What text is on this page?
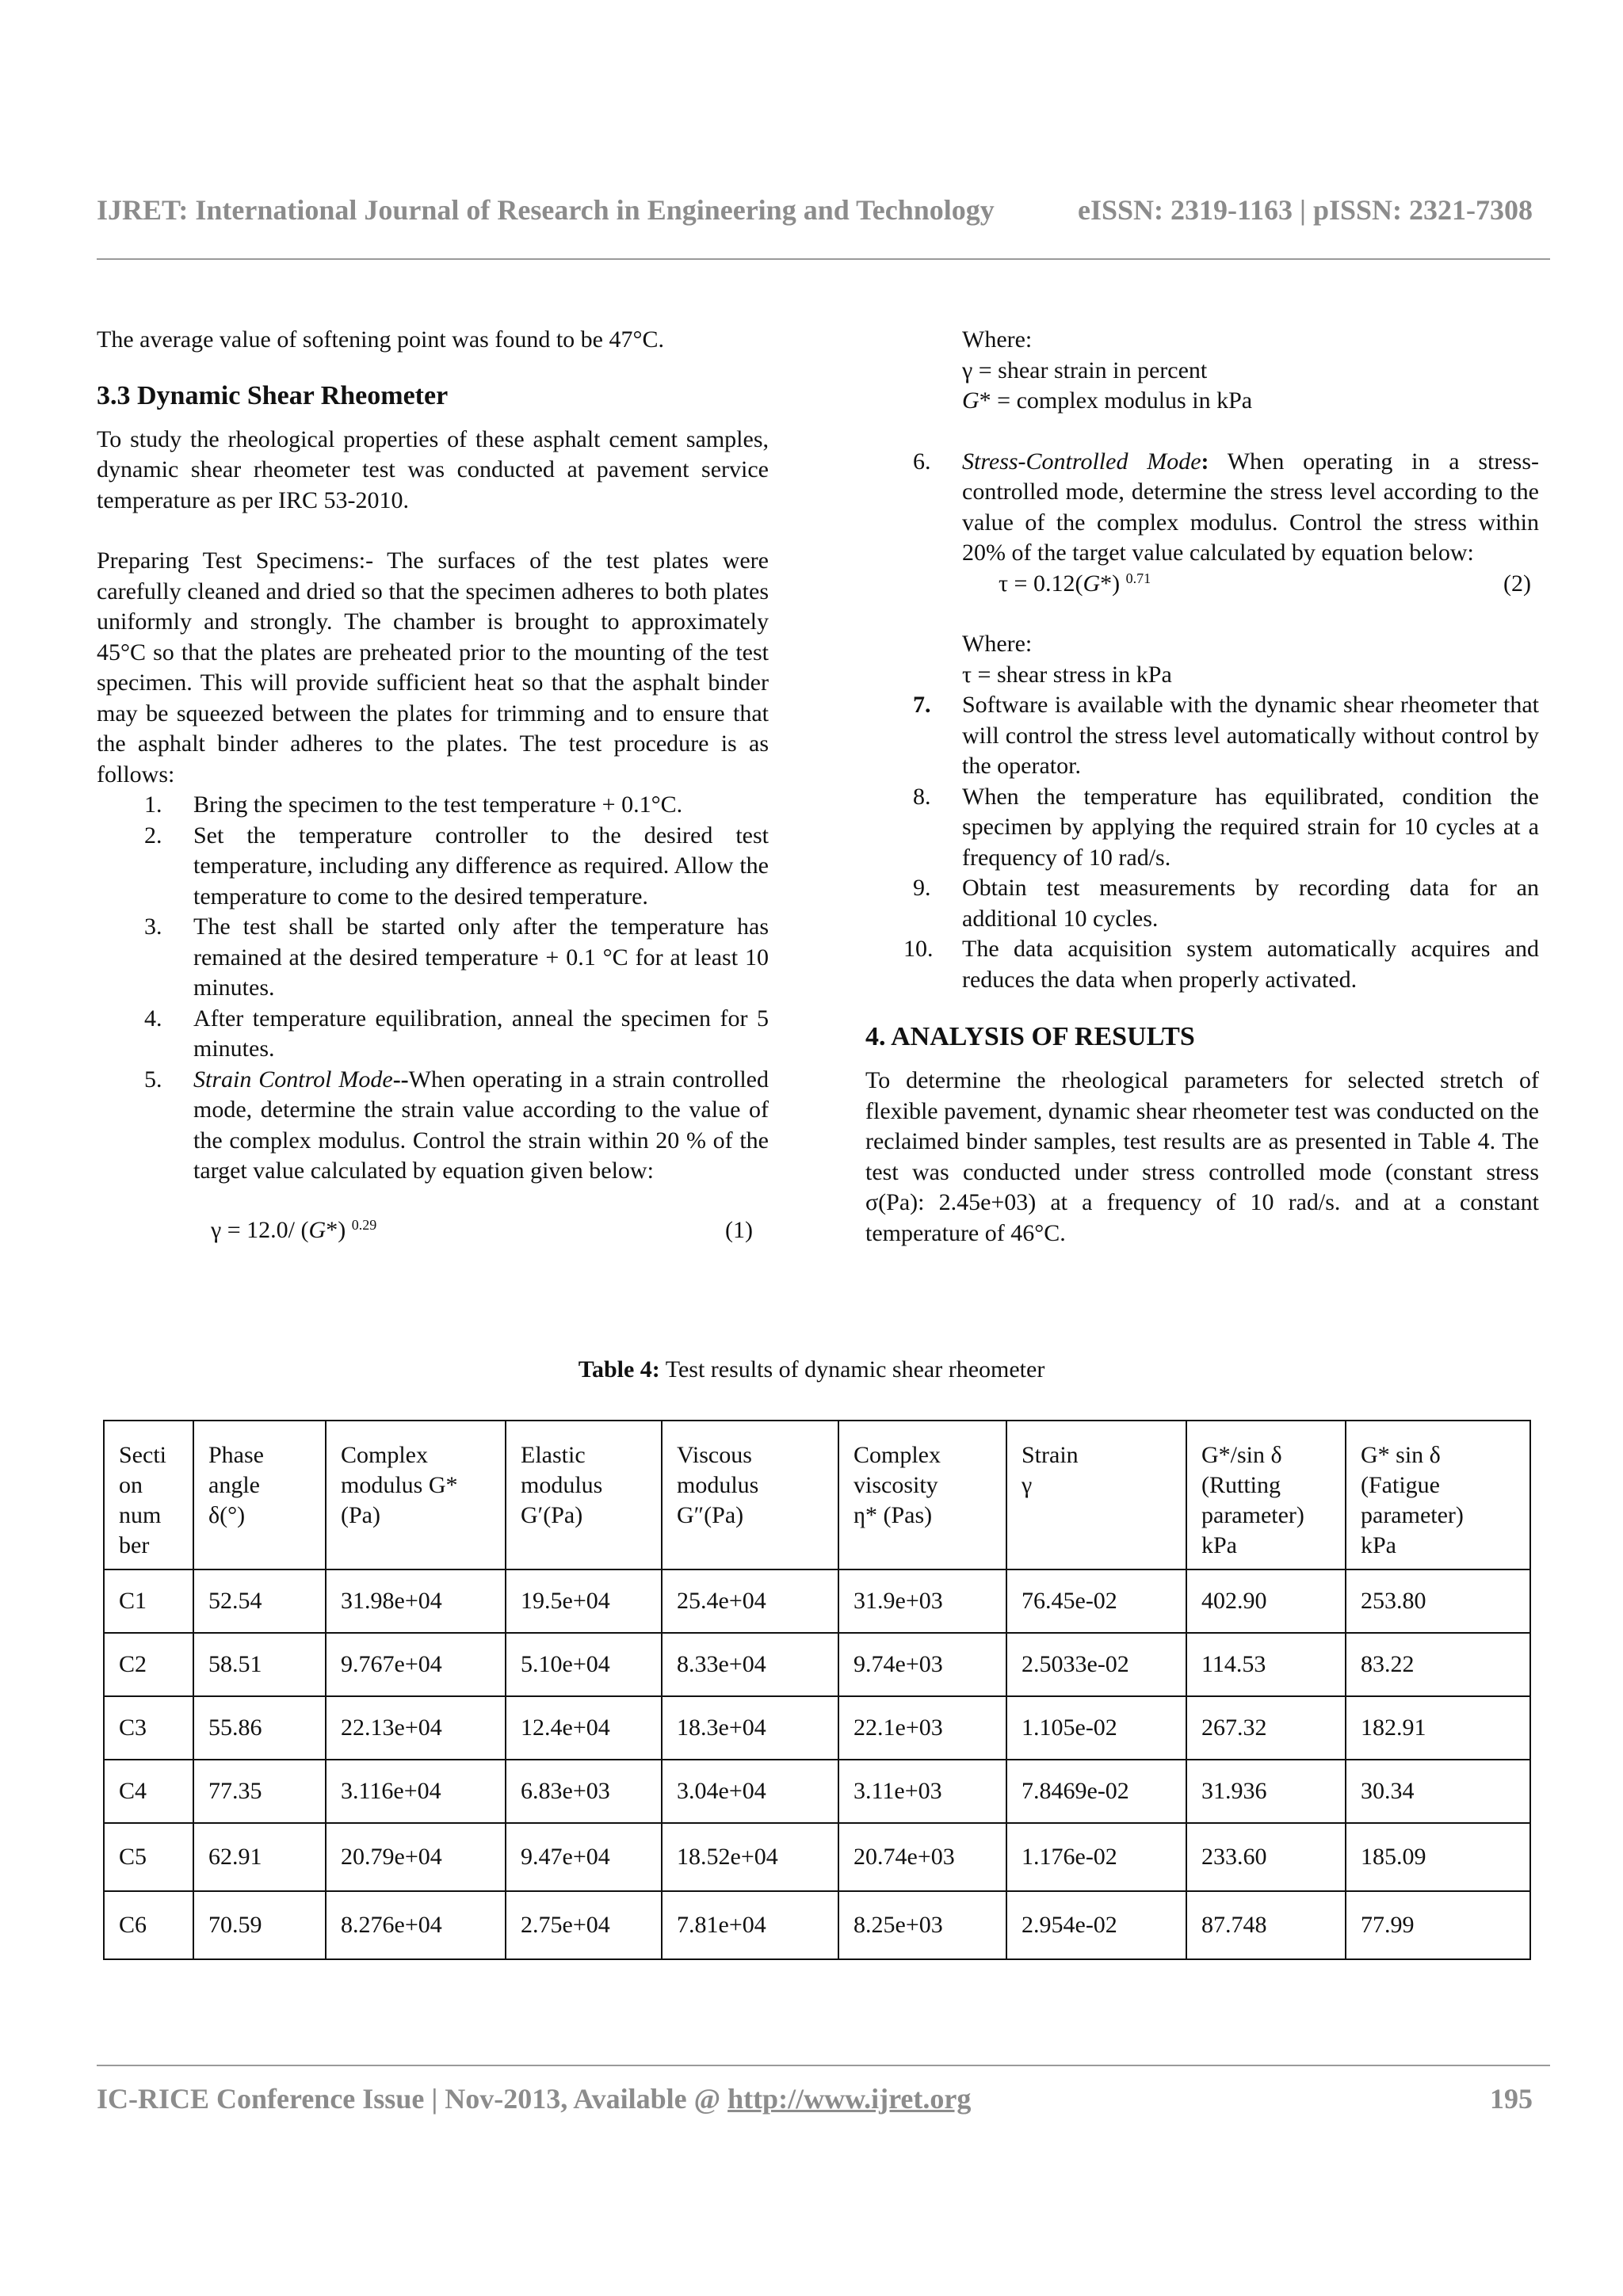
IJRET: International Journal of Research in Engineering and Technology	eISSN: 2319-1163 | pISSN: 2321-7308

The average value of softening point was found to be 47°C.

3.3 Dynamic Shear Rheometer

To study the rheological properties of these asphalt cement samples, dynamic shear rheometer test was conducted at pavement service temperature as per IRC 53-2010.

Preparing Test Specimens:- The surfaces of the test plates were carefully cleaned and dried so that the specimen adheres to both plates uniformly and strongly. The chamber is brought to approximately 45°C so that the plates are preheated prior to the mounting of the test specimen. This will provide sufficient heat so that the asphalt binder may be squeezed between the plates for trimming and to ensure that the asphalt binder adheres to the plates. The test procedure is as follows:

1. Bring the specimen to the test temperature + 0.1°C.
2. Set the temperature controller to the desired test temperature, including any difference as required. Allow the temperature to come to the desired temperature.
3. The test shall be started only after the temperature has remained at the desired temperature + 0.1 °C for at least 10 minutes.
4. After temperature equilibration, anneal the specimen for 5 minutes.
5. Strain Control Mode--When operating in a strain controlled mode, determine the strain value according to the value of the complex modulus. Control the strain within 20 % of the target value calculated by equation given below:
γ = 12.0/ (G*) $^{0.29}$	(1)

Where:

γ = shear strain in percent

G* = complex modulus in kPa

6. Stress-Controlled Mode: When operating in a stress-controlled mode, determine the stress level according to the value of the complex modulus. Control the stress within 20% of the target value calculated by equation below:
τ = 0.12(G*) $^{0.71}$	(2)

Where:

τ = shear stress in kPa

7. Software is available with the dynamic shear rheometer that will control the stress level automatically without control by the operator.
8. When the temperature has equilibrated, condition the specimen by applying the required strain for 10 cycles at a frequency of 10 rad/s.
9. Obtain test measurements by recording data for an additional 10 cycles.
10. The data acquisition system automatically acquires and reduces the data when properly activated.
4. ANALYSIS OF RESULTS

To determine the rheological parameters for selected stretch of flexible pavement, dynamic shear rheometer test was conducted on the reclaimed binder samples, test results are as presented in Table 4. The test was conducted under stress controlled mode (constant stress σ(Pa): 2.45e+03) at a frequency of 10 rad/s. and at a constant temperature of 46°C.

Table 4: Test results of dynamic shear rheometer
Secti
on
num
ber	Phase
angle
δ(°)	Complex
modulus G*
(Pa)	Elastic
modulus
G′(Pa)	Viscous
modulus
G″(Pa)	Complex
viscosity
ƞ* (Pas)	Strain
γ	G*/sin δ
(Rutting
parameter)
kPa	G* sin δ
(Fatigue
parameter)
kPa
C1	52.54	31.98e+04	19.5e+04	25.4e+04	31.9e+03	76.45e-02	402.90	253.80
C2	58.51	9.767e+04	5.10e+04	8.33e+04	9.74e+03	2.5033e-02	114.53	83.22
C3	55.86	22.13e+04	12.4e+04	18.3e+04	22.1e+03	1.105e-02	267.32	182.91
C4	77.35	3.116e+04	6.83e+03	3.04e+04	3.11e+03	7.8469e-02	31.936	30.34
C5	62.91	20.79e+04	9.47e+04	18.52e+04	20.74e+03	1.176e-02	233.60	185.09
C6	70.59	8.276e+04	2.75e+04	7.81e+04	8.25e+03	2.954e-02	87.748	77.99
IC-RICE Conference Issue | Nov-2013, Available @ http://www.ijret.org	195
